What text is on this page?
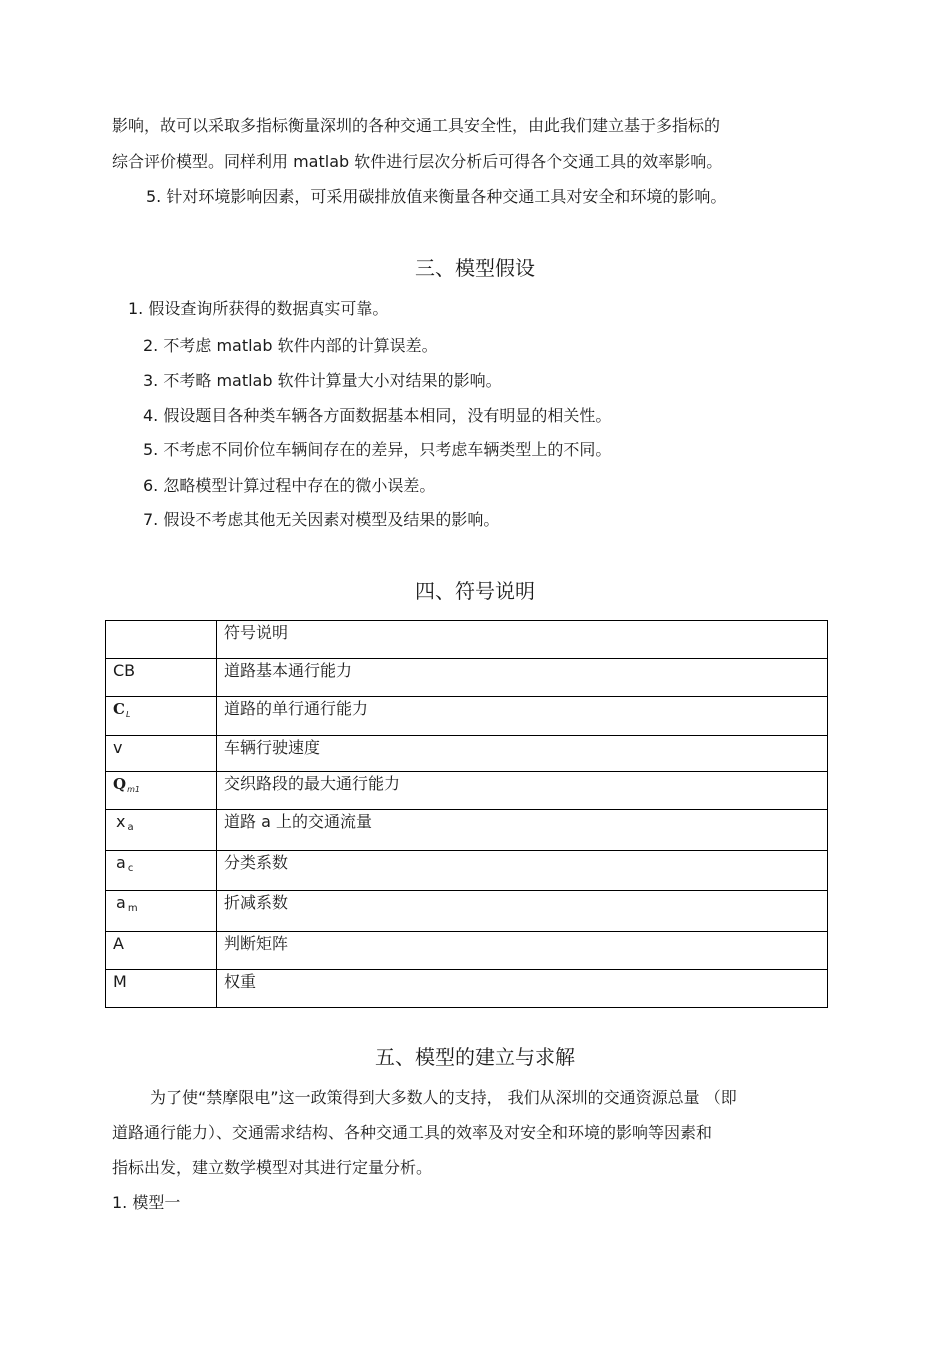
影响，故可以采取多指标衡量深圳的各种交通工具安全性，由此我们建立基于多指标的
综合评价模型。同样利用 matlab 软件进行层次分析后可得各个交通工具的效率影响。
5. 针对环境影响因素，可采用碳排放值来衡量各种交通工具对安全和环境的影响。
三、模型假设
1. 假设查询所获得的数据真实可靠。
2. 不考虑 matlab 软件内部的计算误差。
3. 不考略 matlab 软件计算量大小对结果的影响。
4. 假设题目各种类车辆各方面数据基本相同，没有明显的相关性。
5. 不考虑不同价位车辆间存在的差异，只考虑车辆类型上的不同。
6. 忽略模型计算过程中存在的微小误差。
7. 假设不考虑其他无关因素对模型及结果的影响。
四、符号说明
	符号说明
CB	道路基本通行能力
CL	道路的单行通行能力
v	车辆行驶速度
Qm1	交织路段的最大通行能力
x $_a$	道路 a 上的交通流量
a $_c$	分类系数
a $_m$	折减系数
A	判断矩阵
M	权重
五、模型的建立与求解
为了使“禁摩限电”这一政策得到大多数人的支持， 我们从深圳的交通资源总量 （即
道路通行能力）、交通需求结构、各种交通工具的效率及对安全和环境的影响等因素和
指标出发，建立数学模型对其进行定量分析。
1. 模型一
